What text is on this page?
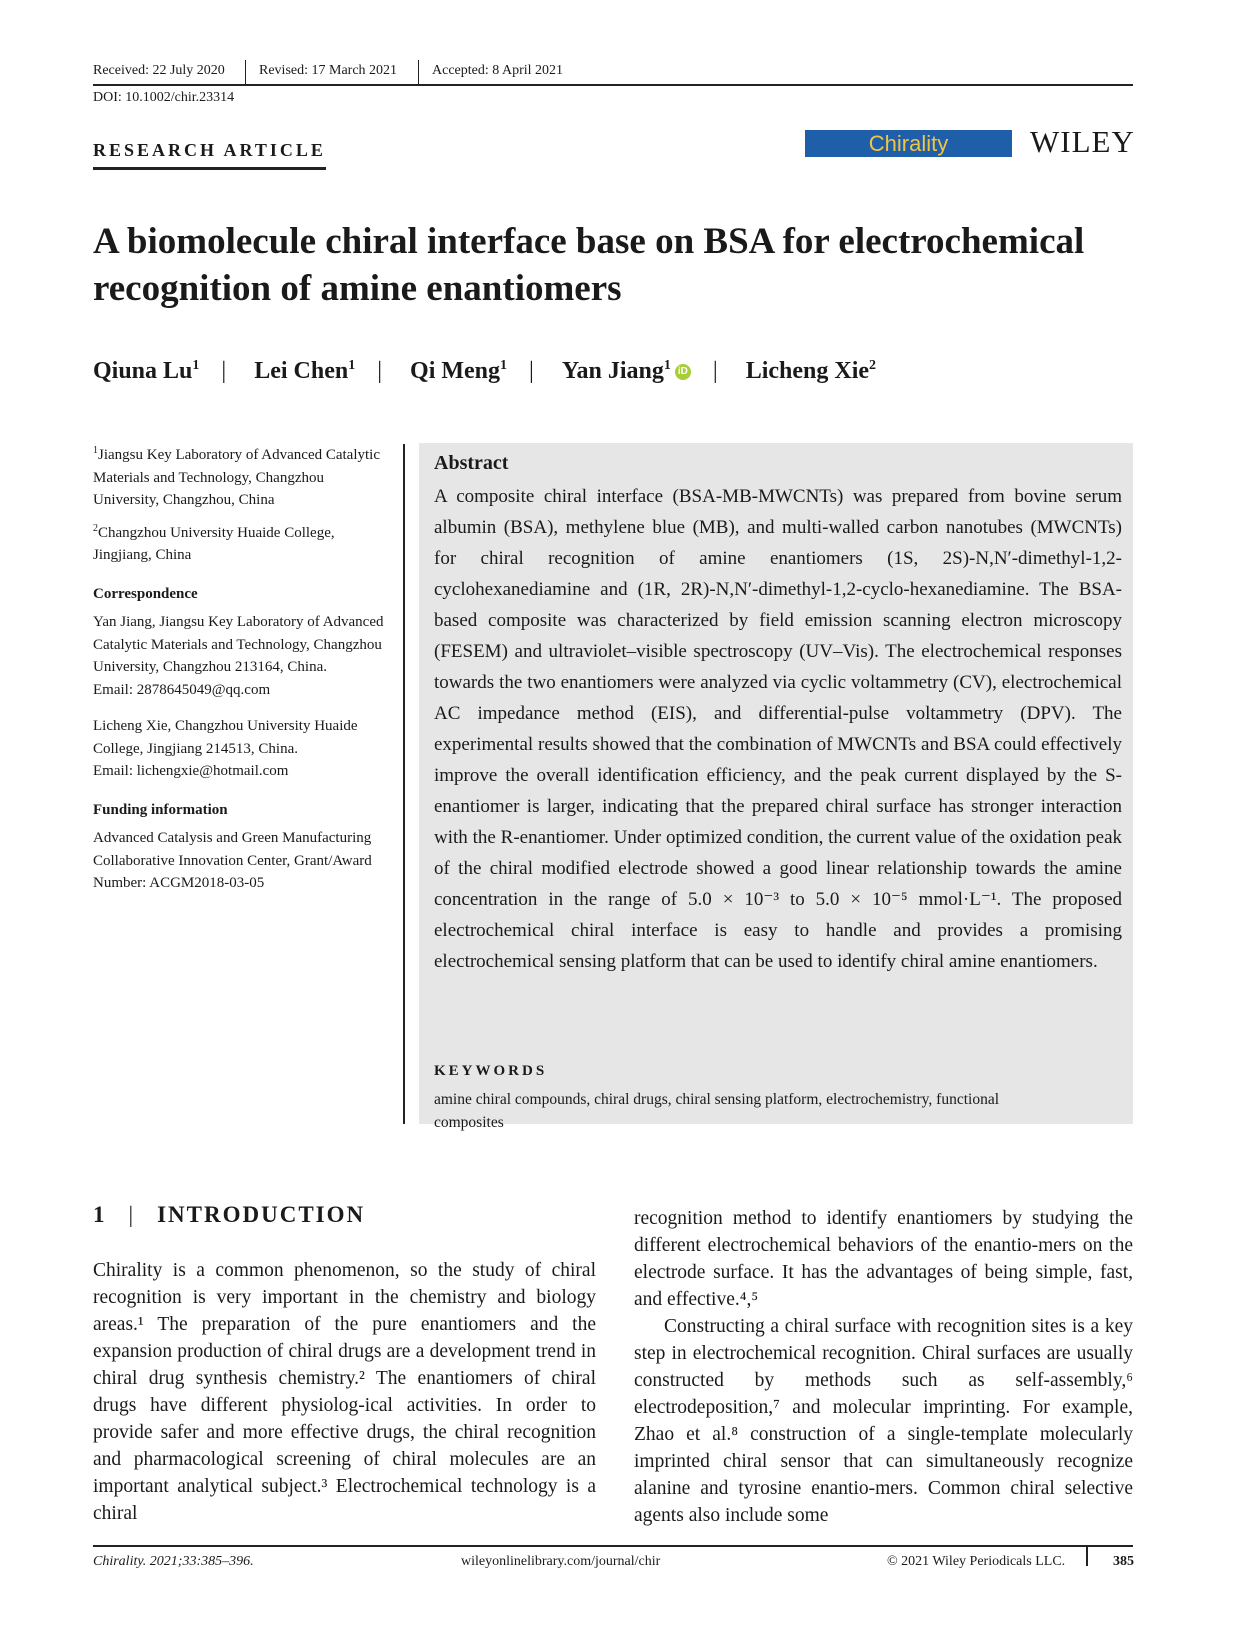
Received: 22 July 2020 Revised: 17 March 2021 Accepted: 8 April 2021
DOI: 10.1002/chir.23314
RESEARCH ARTICLE	Chirality	WILEY
A biomolecule chiral interface base on BSA for electrochemical recognition of amine enantiomers
Qiuna Lu$^1$ | Lei Chen$^1$ | Qi Meng$^1$ | Yan Jiang$^1$ iD | Licheng Xie$^2$

$^1$Jiangsu Key Laboratory of Advanced Catalytic Materials and Technology, Changzhou University, Changzhou, China

$^2$Changzhou University Huaide College, Jingjiang, China

Correspondence

Yan Jiang, Jiangsu Key Laboratory of Advanced Catalytic Materials and Technology, Changzhou University, Changzhou 213164, China.

Email: 2878645049@qq.com

Licheng Xie, Changzhou University Huaide College, Jingjiang 214513, China.

Email: lichengxie@hotmail.com

Funding information

Advanced Catalysis and Green Manufacturing Collaborative Innovation Center, Grant/Award Number: ACGM2018-03-05

Abstract
A composite chiral interface (BSA-MB-MWCNTs) was prepared from bovine serum albumin (BSA), methylene blue (MB), and multi-walled carbon nanotubes (MWCNTs) for chiral recognition of amine enantiomers (1S, 2S)-N,N′-dimethyl-1,2-cyclohexanediamine and (1R, 2R)-N,N′-dimethyl-1,2-cyclo-hexanediamine. The BSA-based composite was characterized by field emission scanning electron microscopy (FESEM) and ultraviolet–visible spectroscopy (UV–Vis). The electrochemical responses towards the two enantiomers were analyzed via cyclic voltammetry (CV), electrochemical AC impedance method (EIS), and differential-pulse voltammetry (DPV). The experimental results showed that the combination of MWCNTs and BSA could effectively improve the overall identification efficiency, and the peak current displayed by the S-enantiomer is larger, indicating that the prepared chiral surface has stronger interaction with the R-enantiomer. Under optimized condition, the current value of the oxidation peak of the chiral modified electrode showed a good linear relationship towards the amine concentration in the range of 5.0 × 10⁻³ to 5.0 × 10⁻⁵ mmol·L⁻¹. The proposed electrochemical chiral interface is easy to handle and provides a promising electrochemical sensing platform that can be used to identify chiral amine enantiomers.
KEYWORDS
amine chiral compounds, chiral drugs, chiral sensing platform, electrochemistry, functional composites
1 | INTRODUCTION

Chirality is a common phenomenon, so the study of chiral recognition is very important in the chemistry and biology areas.¹ The preparation of the pure enantiomers and the expansion production of chiral drugs are a development trend in chiral drug synthesis chemistry.² The enantiomers of chiral drugs have different physiolog-ical activities. In order to provide safer and more effective drugs, the chiral recognition and pharmacological screening of chiral molecules are an important analytical subject.³ Electrochemical technology is a chiral

recognition method to identify enantiomers by studying the different electrochemical behaviors of the enantio-mers on the electrode surface. It has the advantages of being simple, fast, and effective.⁴,⁵

Constructing a chiral surface with recognition sites is a key step in electrochemical recognition. Chiral surfaces are usually constructed by methods such as self-assembly,⁶ electrodeposition,⁷ and molecular imprinting. For example, Zhao et al.⁸ construction of a single-template molecularly imprinted chiral sensor that can simultaneously recognize alanine and tyrosine enantio-mers. Common chiral selective agents also include some

Chirality. 2021;33:385–396.	wileyonlinelibrary.com/journal/chir	© 2021 Wiley Periodicals LLC.	385
